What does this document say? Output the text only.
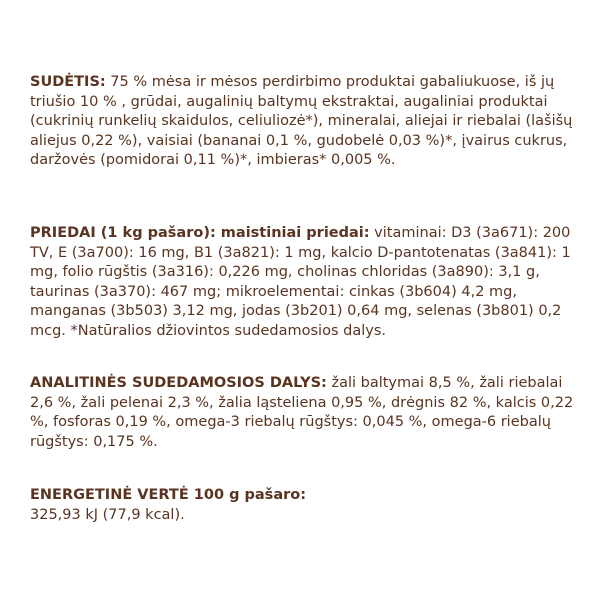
SUDĖTIS: 75 % mėsa ir mėsos perdirbimo produktai gabaliukuose, iš jų triušio 10 % , grūdai, augalinių baltymų ekstraktai, augaliniai produktai (cukrinių runkelių skaidulos, celiuliozė*), mineralai, aliejai ir riebalai (lašišų aliejus 0,22 %), vaisiai (bananai 0,1 %, gudobelė 0,03 %)*, įvairus cukrus, daržovės (pomidorai 0,11 %)*, imbieras* 0,005 %.

PRIEDAI (1 kg pašaro): maistiniai priedai: vitaminai: D3 (3a671): 200 TV, E (3a700): 16 mg, B1 (3a821): 1 mg, kalcio D-pantotenatas (3a841): 1 mg, folio rūgštis (3a316): 0,226 mg, cholinas chloridas (3a890): 3,1 g, taurinas (3a370): 467 mg; mikroelementai: cinkas (3b604) 4,2 mg, manganas (3b503) 3,12 mg, jodas (3b201) 0,64 mg, selenas (3b801) 0,2 mcg. *Natūralios džiovintos sudedamosios dalys.

ANALITINĖS SUDEDAMOSIOS DALYS: žali baltymai 8,5 %, žali riebalai 2,6 %, žali pelenai 2,3 %, žalia ląsteliena 0,95 %, drėgnis 82 %, kalcis 0,22 %, fosforas 0,19 %, omega-3 riebalų rūgštys: 0,045 %, omega-6 riebalų rūgštys: 0,175 %.

ENERGETINĖ VERTĖ 100 g pašaro:
325,93 kJ (77,9 kcal).
